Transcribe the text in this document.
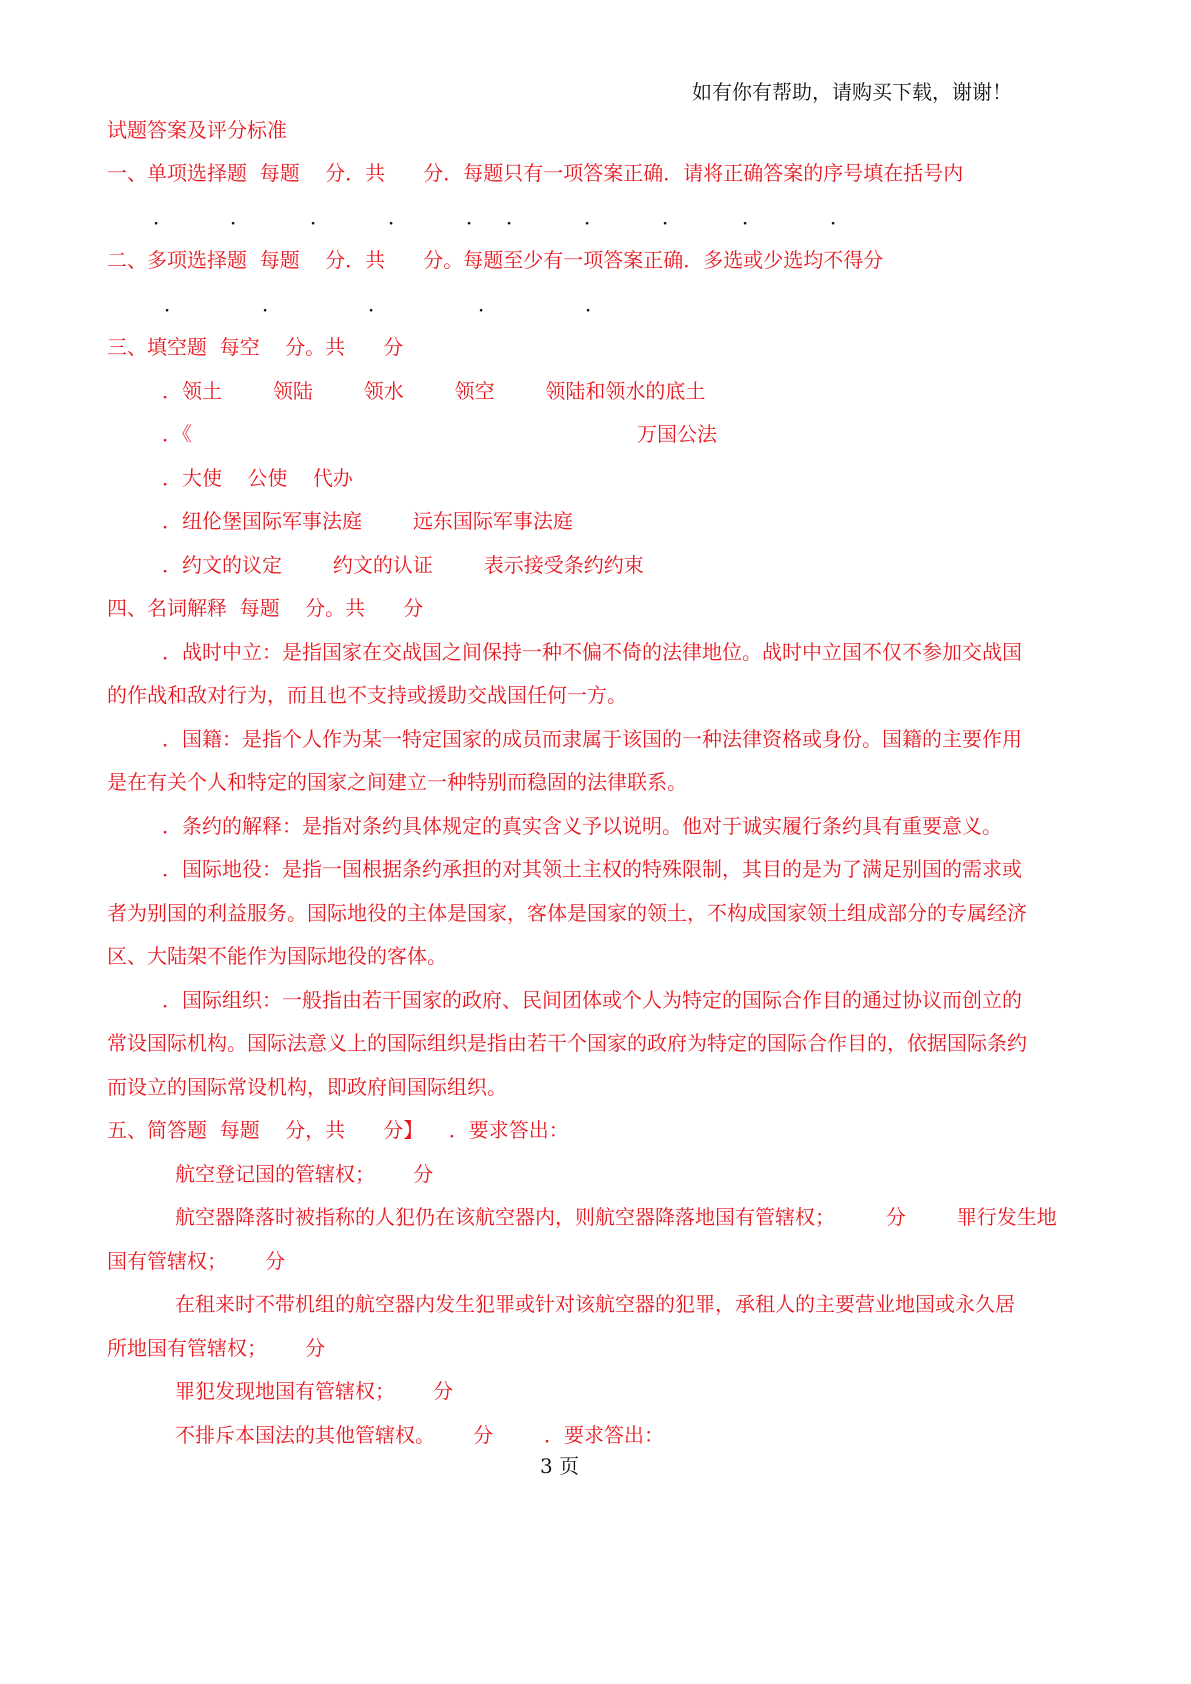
如有你有帮助，请购买下载，谢谢！
试题答案及评分标准
一、单项选择题  每题    分．共      分．每题只有一项答案正确．请将正确答案的序号填在括号内
．	．	．	．	． ．	．	．	．	．
二、多项选择题  每题    分．共      分。每题至少有一项答案正确．多选或少选均不得分
．	．	．	．	．
三、填空题  每空    分。共      分
．领土        领陆        领水        领空        领陆和领水的底土
．《                                                                      万国公法
．大使    公使    代办
．纽伦堡国际军事法庭        远东国际军事法庭
．约文的议定        约文的认证        表示接受条约约束
四、名词解释  每题    分。共      分
．战时中立：是指国家在交战国之间保持一种不偏不倚的法律地位。战时中立国不仅不参加交战国
的作战和敌对行为，而且也不支持或援助交战国任何一方。
．国籍：是指个人作为某一特定国家的成员而隶属于该国的一种法律资格或身份。国籍的主要作用
是在有关个人和特定的国家之间建立一种特别而稳固的法律联系。
．条约的解释：是指对条约具体规定的真实含义予以说明。他对于诚实履行条约具有重要意义。
．国际地役：是指一国根据条约承担的对其领土主权的特殊限制，其目的是为了满足别国的需求或
者为别国的利益服务。国际地役的主体是国家，客体是国家的领土，不构成国家领土组成部分的专属经济
区、大陆架不能作为国际地役的客体。
．国际组织：一般指由若干国家的政府、民间团体或个人为特定的国际合作目的通过协议而创立的
常设国际机构。国际法意义上的国际组织是指由若干个国家的政府为特定的国际合作目的，依据国际条约
而设立的国际常设机构，即政府间国际组织。
五、简答题  每题    分，共      分】    ．要求答出：
航空登记国的管辖权；      分
航空器降落时被指称的人犯仍在该航空器内，则航空器降落地国有管辖权；        分        罪行发生地
国有管辖权；      分
在租来时不带机组的航空器内发生犯罪或针对该航空器的犯罪，承租人的主要营业地国或永久居
所地国有管辖权；      分
罪犯发现地国有管辖权；      分
不排斥本国法的其他管辖权。      分        ．要求答出：
3 页
